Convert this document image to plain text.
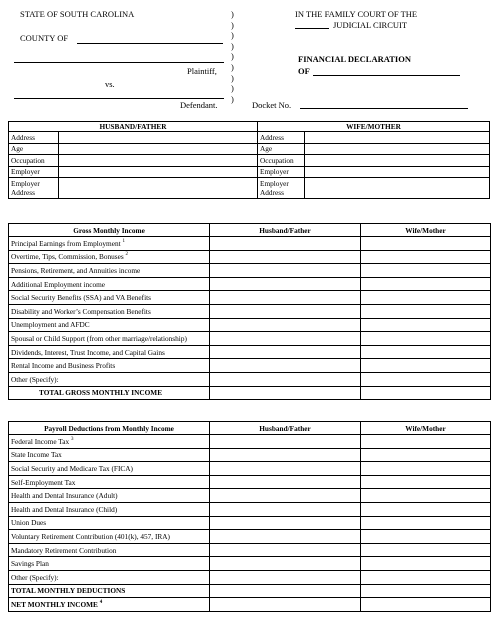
STATE OF SOUTH CAROLINA
COUNTY OF
Plaintiff,
vs.
Defendant.
)
)
)
)
)
)
)
)
)
IN THE FAMILY COURT OF THE
JUDICIAL CIRCUIT
FINANCIAL DECLARATION
OF
Docket No.
HUSBAND/FATHER		WIFE/MOTHER	
Address		Address	
Age		Age	
Occupation		Occupation	
Employer		Employer	
Employer Address		Employer Address	
Gross Monthly Income	Husband/Father	Wife/Mother
Principal Earnings from Employment $^1$		
Overtime, Tips, Commission, Bonuses $^2$		
Pensions, Retirement, and Annuities income		
Additional Employment income		
Social Security Benefits (SSA) and VA Benefits		
Disability and Worker’s Compensation Benefits		
Unemployment and AFDC		
Spousal or Child Support (from other marriage/relationship)		
Dividends, Interest, Trust Income, and Capital Gains		
Rental Income and Business Profits		
Other (Specify):		
TOTAL GROSS MONTHLY INCOME		
Payroll Deductions from Monthly Income	Husband/Father	Wife/Mother
Federal Income Tax $^3$		
State Income Tax		
Social Security and Medicare Tax (FICA)		
Self-Employment Tax		
Health and Dental Insurance (Adult)		
Health and Dental Insurance (Child)		
Union Dues		
Voluntary Retirement Contribution (401(k), 457, IRA)		
Mandatory Retirement Contribution		
Savings Plan		
Other (Specify):		
TOTAL MONTHLY DEDUCTIONS		
NET MONTHLY INCOME $^4$		
